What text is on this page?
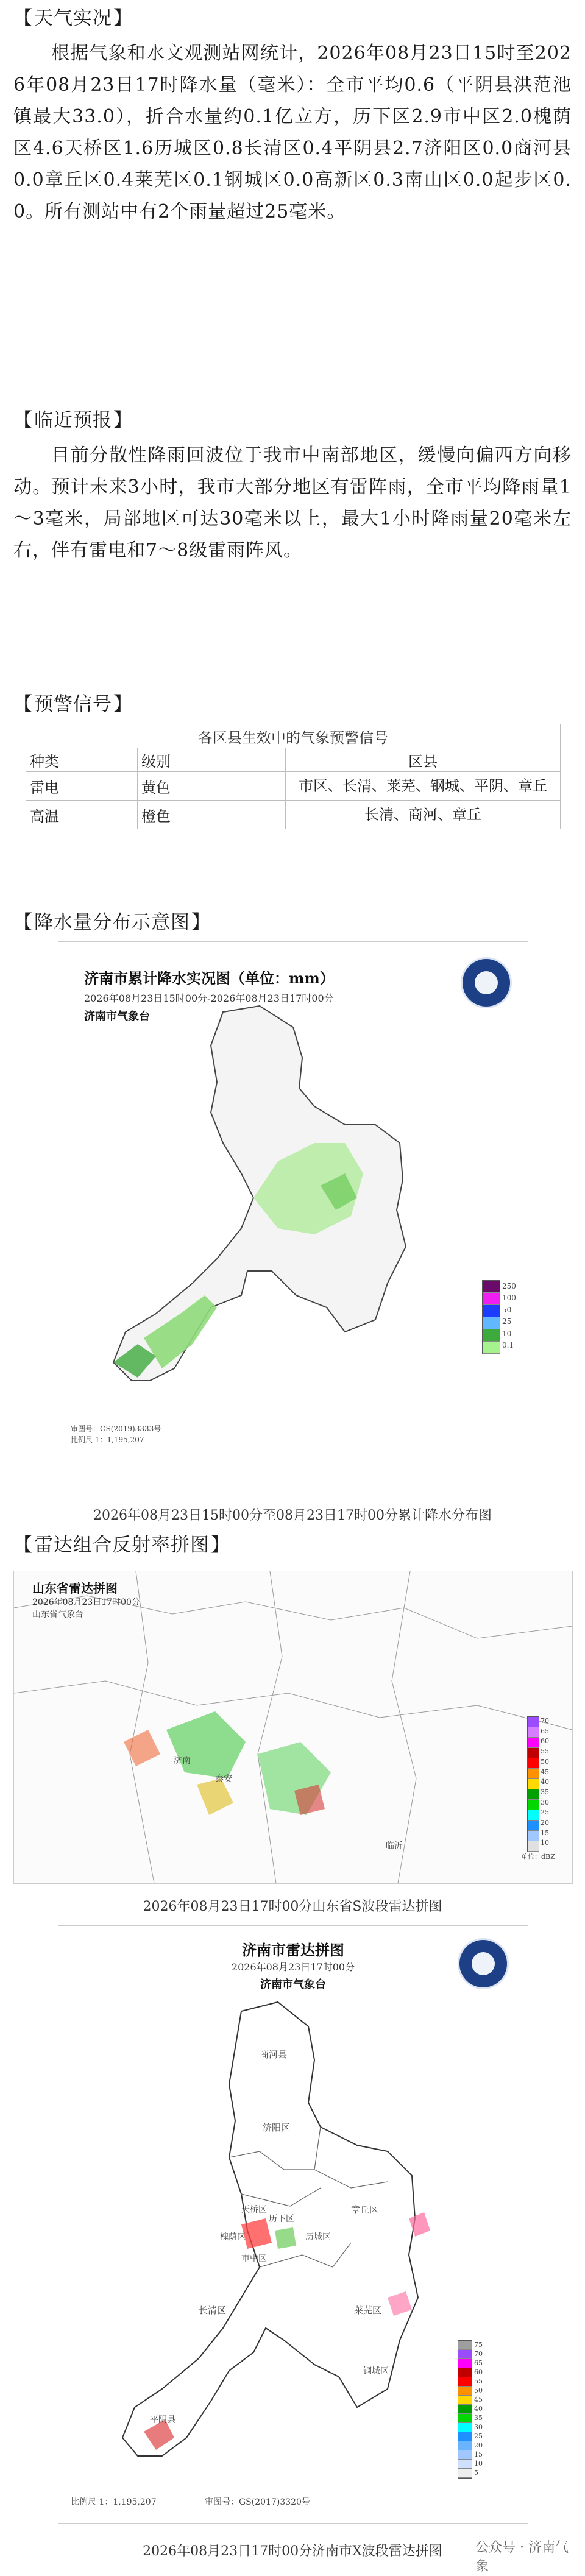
【天气实况】
根据气象和水文观测站网统计，2026年08月23日15时至2026年08月23日17时降水量（毫米）：全市平均0.6（平阴县洪范池镇最大33.0），折合水量约0.1亿立方，历下区2.9市中区2.0槐荫区4.6天桥区1.6历城区0.8长清区0.4平阴县2.7济阳区0.0商河县0.0章丘区0.4莱芜区0.1钢城区0.0高新区0.3南山区0.0起步区0.0。所有测站中有2个雨量超过25毫米。
【临近预报】
目前分散性降雨回波位于我市中南部地区，缓慢向偏西方向移动。预计未来3小时，我市大部分地区有雷阵雨，全市平均降雨量1～3毫米，局部地区可达30毫米以上，最大1小时降雨量20毫米左右，伴有雷电和7～8级雷雨阵风。
【预警信号】
各区县生效中的气象预警信号		
种类	级别	区县
雷电	黄色	市区、长清、莱芜、钢城、平阴、章丘
高温	橙色	长清、商河、章丘
【降水量分布示意图】
济南市累计降水实况图（单位：mm）
2026年08月23日15时00分-2026年08月23日17时00分
济南市气象台
250
100
50
25
10
0.1
审图号：GS(2019)3333号
比例尺 1：1,195,207
2026年08月23日15时00分至08月23日17时00分累计降水分布图
【雷达组合反射率拼图】
山东省雷达拼图
2026年08月23日17时00分
山东省气象台
济南
泰安
临沂
70
65
60
55
50
45
40
35
30
25
20
15
10
单位：dBZ
2026年08月23日17时00分山东省S波段雷达拼图
济南市雷达拼图
2026年08月23日17时00分
济南市气象台
商河县
济阳区
天桥区
槐荫区
历下区
市中区
历城区
长清区
章丘区
平阴县
莱芜区
钢城区
75
70
65
60
55
50
45
40
35
30
25
20
15
10
5
比例尺 1：1,195,207	审图号：GS(2017)3320号
2026年08月23日17时00分济南市X波段雷达拼图	公众号 · 济南气象
